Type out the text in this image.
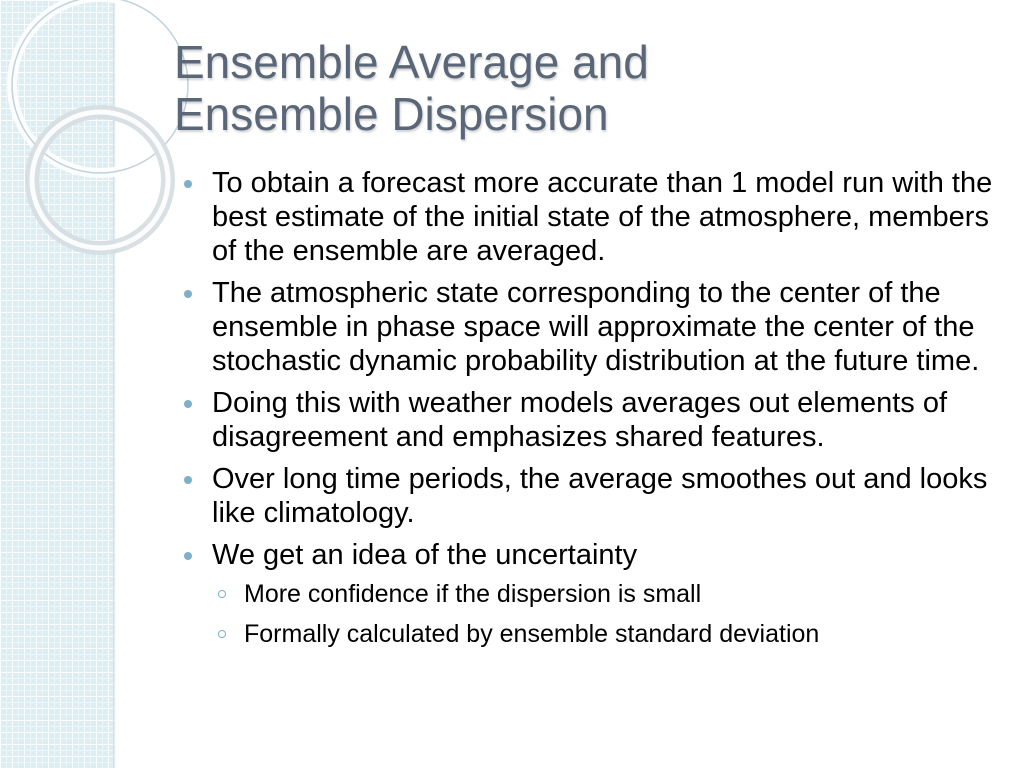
Ensemble Average and
Ensemble Dispersion
To obtain a forecast more accurate than 1 model run with the best estimate of the initial state of the atmosphere, members of the ensemble are averaged.
The atmospheric state corresponding to the center of the ensemble in phase space will approximate the center of the stochastic dynamic probability distribution at the future time.
Doing this with weather models averages out elements of disagreement and emphasizes shared features.
Over long time periods, the average smoothes out and looks like climatology.
We get an idea of the uncertainty
More confidence if the dispersion is small
Formally calculated by ensemble standard deviation
